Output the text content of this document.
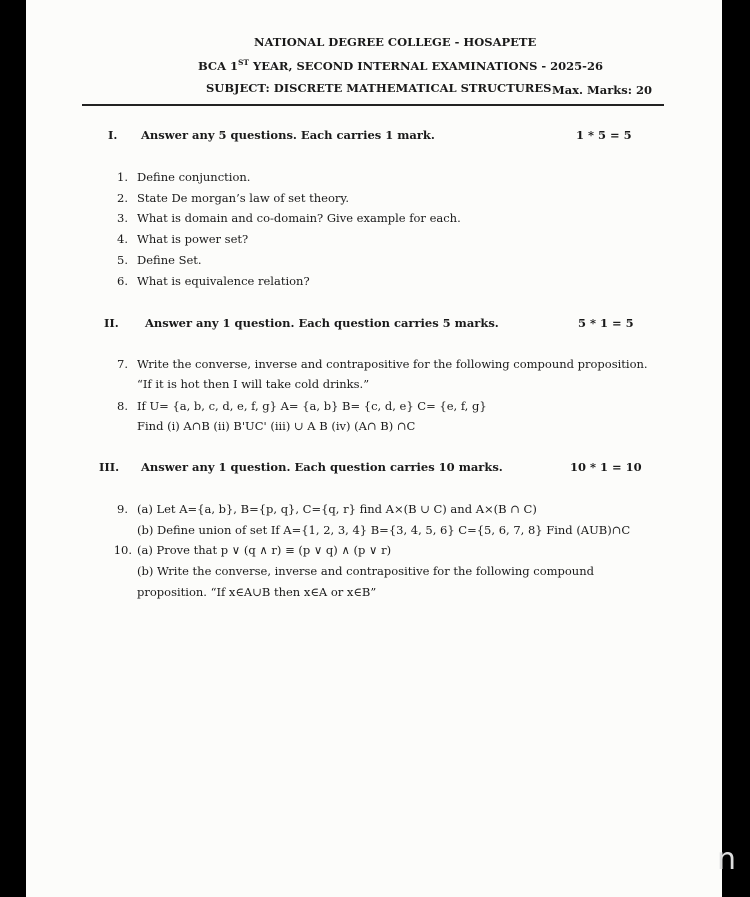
NATIONAL DEGREE COLLEGE - HOSAPETE
BCA 1ST YEAR, SECOND INTERNAL EXAMINATIONS - 2025-26
SUBJECT: DISCRETE MATHEMATICAL STRUCTURES Max. Marks: 20
I. Answer any 5 questions. Each carries 1 mark.	1 * 5 = 5
1. Define conjunction.
2. State De morgan’s law of set theory.
3. What is domain and co-domain? Give example for each.
4. What is power set?
5. Define Set.
6. What is equivalence relation?
II. Answer any 1 question. Each question carries 5 marks.	5 * 1 = 5
7. Write the converse, inverse and contrapositive for the following compound proposition.
“If it is hot then I will take cold drinks.”
8. If U= {a, b, c, d, e, f, g} A= {a, b} B= {c, d, e} C= {e, f, g}
Find (i) A∩B (ii) B'UC' (iii) ∪ A B (iv) (A∩ B) ∩C
III. Answer any 1 question. Each question carries 10 marks.	10 * 1 = 10
9. (a) Let A={a, b}, B={p, q}, C={q, r} find A×(B ∪ C) and A×(B ∩ C)
(b) Define union of set If A={1, 2, 3, 4} B={3, 4, 5, 6} C={5, 6, 7, 8} Find (AUB)∩C
10. (a) Prove that p ∨ (q ∧ r) ≡ (p ∨ q) ∧ (p ∨ r)
(b) Write the converse, inverse and contrapositive for the following compound
proposition. “If x∈A∪B then x∈A or x∈B”
n
